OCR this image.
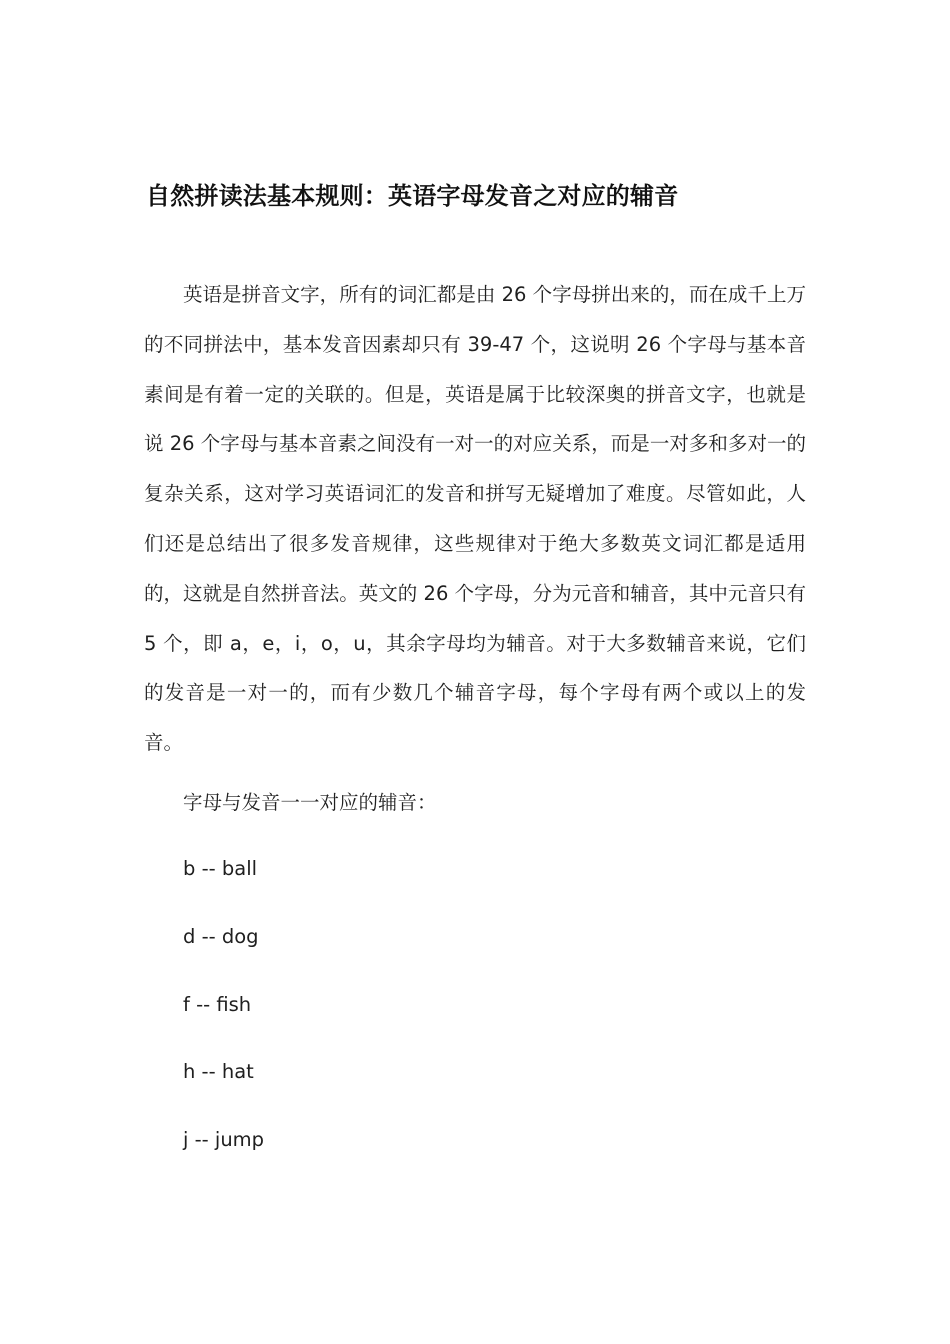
自然拼读法基本规则：英语字母发音之对应的辅音

英语是拼音文字，所有的词汇都是由 26 个字母拼出来的，而在成千上万的不同拼法中，基本发音因素却只有 39-47 个，这说明 26 个字母与基本音素间是有着一定的关联的。但是，英语是属于比较深奥的拼音文字，也就是说 26 个字母与基本音素之间没有一对一的对应关系，而是一对多和多对一的复杂关系，这对学习英语词汇的发音和拼写无疑增加了难度。尽管如此，人们还是总结出了很多发音规律，这些规律对于绝大多数英文词汇都是适用的，这就是自然拼音法。英文的 26 个字母，分为元音和辅音，其中元音只有 5 个，即 a，e，i，o，u，其余字母均为辅音。对于大多数辅音来说，它们的发音是一对一的，而有少数几个辅音字母，每个字母有两个或以上的发音。

字母与发音一一对应的辅音：

b -- ball
d -- dog
f -- fish
h -- hat
j -- jump
